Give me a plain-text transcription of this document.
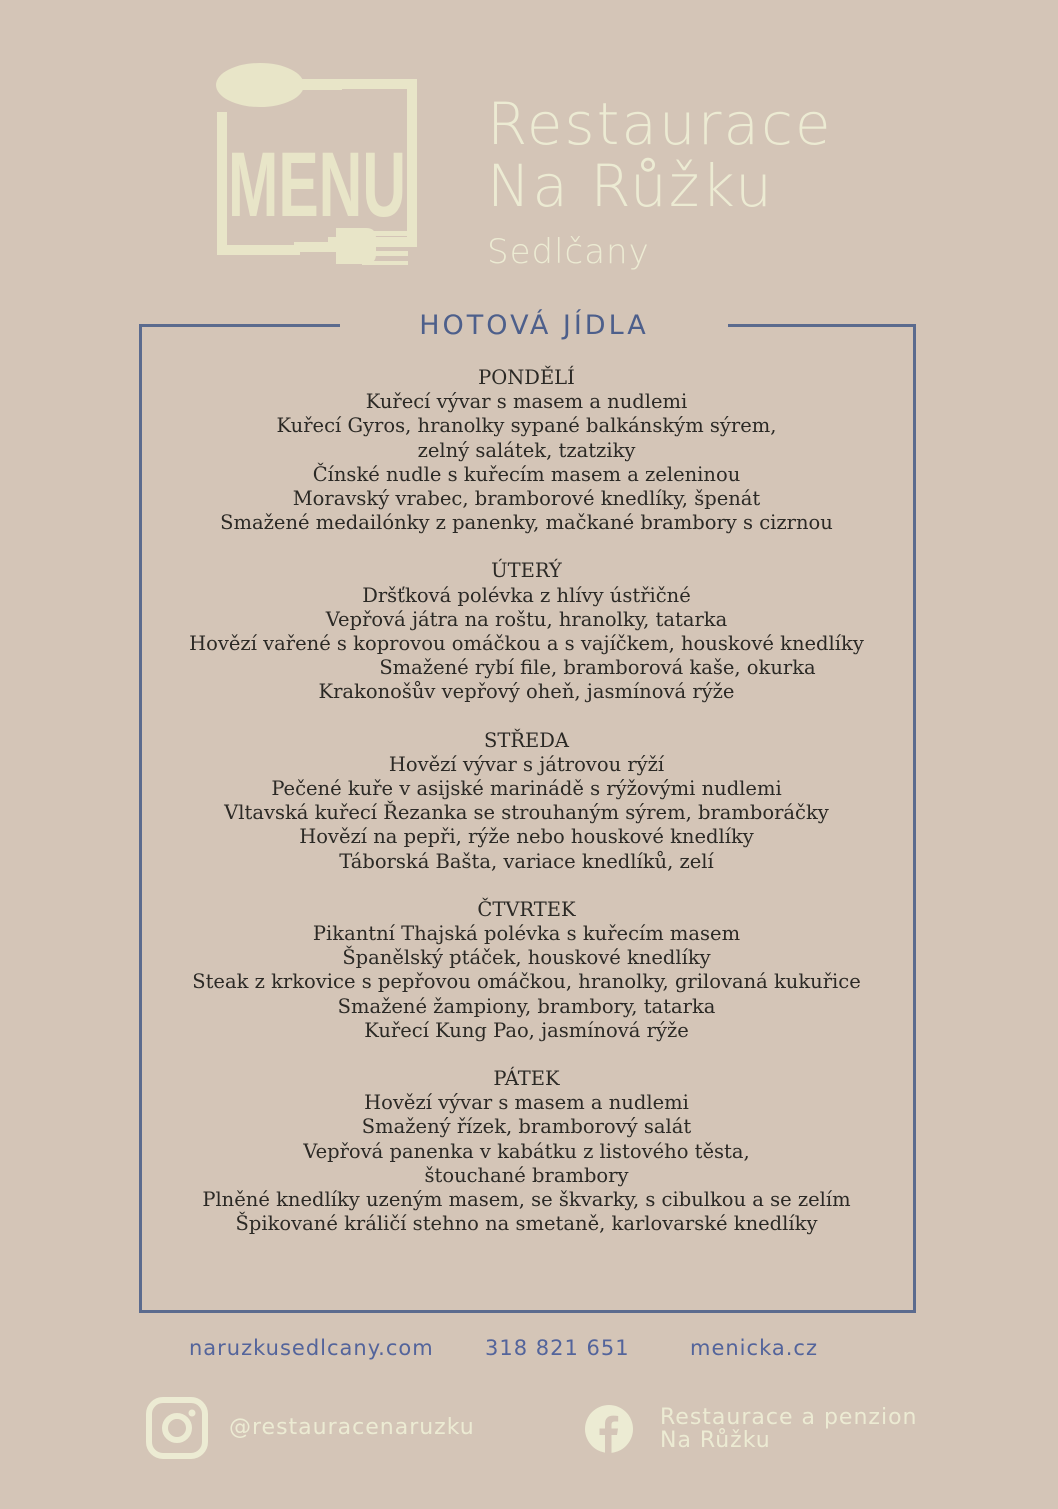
MENU
Restaurace
Na Růžku
Sedlčany
HOTOVÁ JÍDLA
PONDĚLÍ
Kuřecí vývar s masem a nudlemi
Kuřecí Gyros, hranolky sypané balkánským sýrem,
zelný salátek, tzatziky
Čínské nudle s kuřecím masem a zeleninou
Moravský vrabec, bramborové knedlíky, špenát
Smažené medailónky z panenky, mačkané brambory s cizrnou
ÚTERÝ
Dršťková polévka z hlívy ústřičné
Vepřová játra na roštu, hranolky, tatarka
Hovězí vařené s koprovou omáčkou a s vajíčkem, houskové knedlíky
Smažené rybí file, bramborová kaše, okurka
Krakonošův vepřový oheň, jasmínová rýže
STŘEDA
Hovězí vývar s játrovou rýží
Pečené kuře v asijské marinádě s rýžovými nudlemi
Vltavská kuřecí Řezanka se strouhaným sýrem, bramboráčky
Hovězí na pepři, rýže nebo houskové knedlíky
Táborská Bašta, variace knedlíků, zelí
ČTVRTEK
Pikantní Thajská polévka s kuřecím masem
Španělský ptáček, houskové knedlíky
Steak z krkovice s pepřovou omáčkou, hranolky, grilovaná kukuřice
Smažené žampiony, brambory, tatarka
Kuřecí Kung Pao, jasmínová rýže
PÁTEK
Hovězí vývar s masem a nudlemi
Smažený řízek, bramborový salát
Vepřová panenka v kabátku z listového těsta,
štouchané brambory
Plněné knedlíky uzeným masem, se škvarky, s cibulkou a se zelím
Špikované králičí stehno na smetaně, karlovarské knedlíky
naruzkusedlcany.com 318 821 651	menicka.cz
@restauracenaruzku	Restaurace a penzion
Na Růžku
